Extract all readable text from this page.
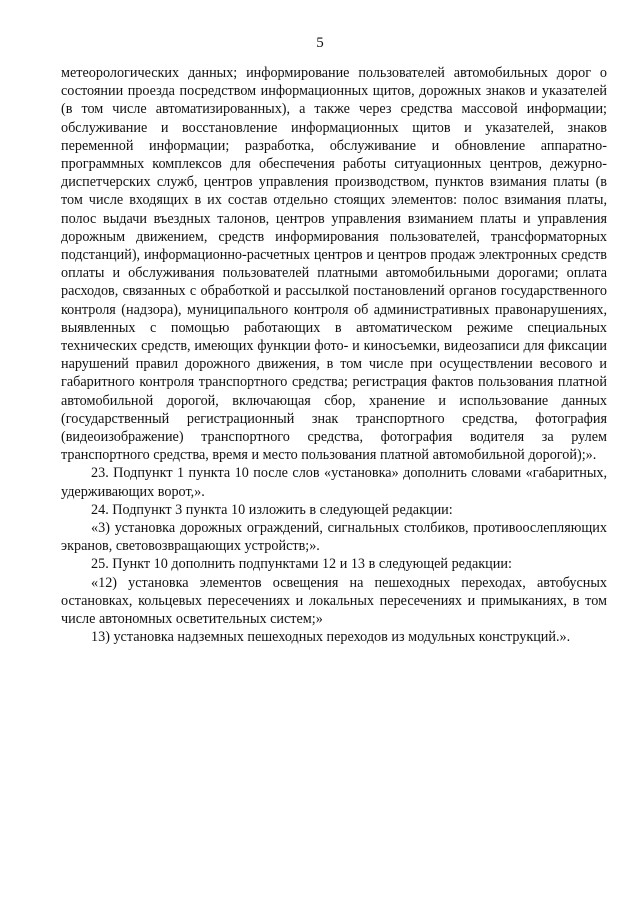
5

метеорологических данных; информирование пользователей автомобильных дорог о состоянии проезда посредством информационных щитов, дорожных знаков и указателей (в том числе автоматизированных), а также через средства массовой информации; обслуживание и восстановление информационных щитов и указателей, знаков переменной информации; разработка, обслуживание и обновление аппаратно-программных комплексов для обеспечения работы ситуационных центров, дежурно-диспетчерских служб, центров управления производством, пунктов взимания платы (в том числе входящих в их состав отдельно стоящих элементов: полос взимания платы, полос выдачи въездных талонов, центров управления взиманием платы и управления дорожным движением, средств информирования пользователей, трансформаторных подстанций), информационно-расчетных центров и центров продаж электронных средств оплаты и обслуживания пользователей платными автомобильными дорогами; оплата расходов, связанных с обработкой и рассылкой постановлений органов государственного контроля (надзора), муниципального контроля об административных правонарушениях, выявленных с помощью работающих в автоматическом режиме специальных технических средств, имеющих функции фото- и киносъемки, видеозаписи для фиксации нарушений правил дорожного движения, в том числе при осуществлении весового и габаритного контроля транспортного средства; регистрация фактов пользования платной автомобильной дорогой, включающая сбор, хранение и использование данных (государственный регистрационный знак транспортного средства, фотография (видеоизображение) транспортного средства, фотография водителя за рулем транспортного средства, время и место пользования платной автомобильной дорогой);».

23. Подпункт 1 пункта 10 после слов «установка» дополнить словами «габаритных, удерживающих ворот,».

24. Подпункт 3 пункта 10 изложить в следующей редакции:

«3) установка дорожных ограждений, сигнальных столбиков, противоослепляющих экранов, световозвращающих устройств;».

25. Пункт 10 дополнить подпунктами 12 и 13 в следующей редакции:

«12) установка элементов освещения на пешеходных переходах, автобусных остановках, кольцевых пересечениях и локальных пересечениях и примыканиях, в том числе автономных осветительных систем;»

13) установка надземных пешеходных переходов из модульных конструкций.».
